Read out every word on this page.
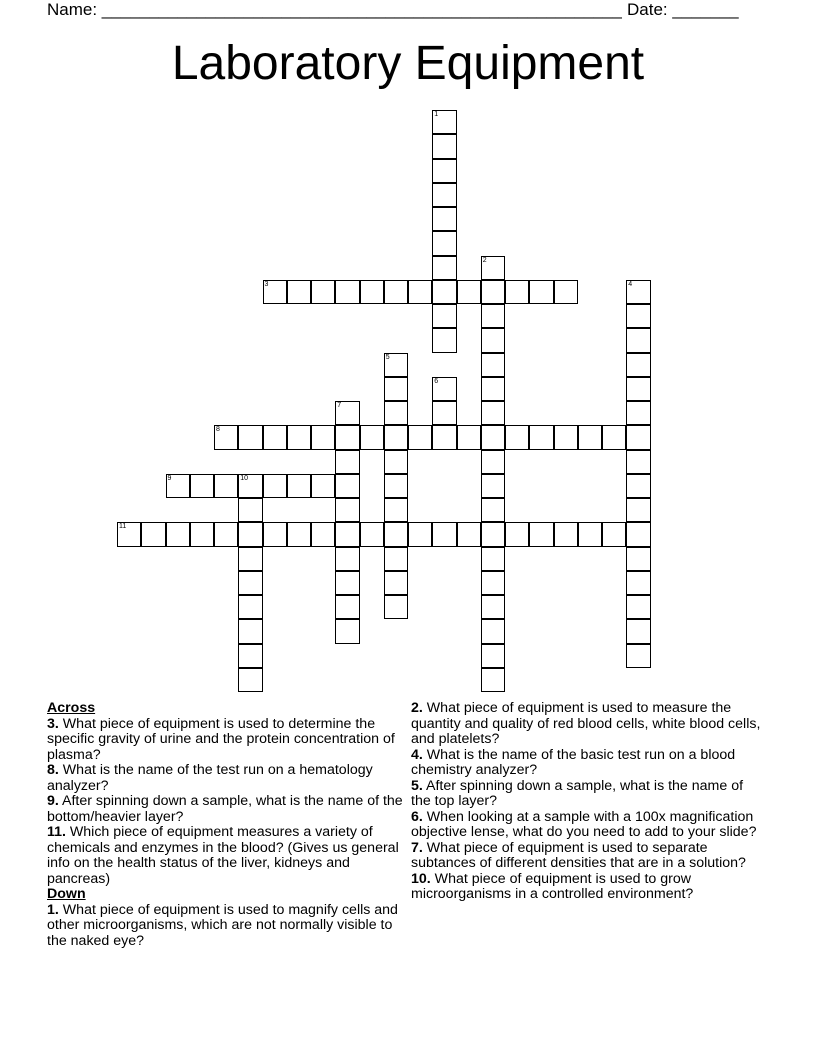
Name: _______________________________________________________ Date: _______
Laboratory Equipment
1
2
3	4
5
6
7
8
9	10
11
Across
3. What piece of equipment is used to determine the specific gravity of urine and the protein concentration of plasma?
8. What is the name of the test run on a hematology analyzer?
9. After spinning down a sample, what is the name of the bottom/heavier layer?
11. Which piece of equipment measures a variety of chemicals and enzymes in the blood? (Gives us general info on the health status of the liver, kidneys and pancreas)
Down
1. What piece of equipment is used to magnify cells and other microorganisms, which are not normally visible to the naked eye?
2. What piece of equipment is used to measure the quantity and quality of red blood cells, white blood cells, and platelets?
4. What is the name of the basic test run on a blood chemistry analyzer?
5. After spinning down a sample, what is the name of the top layer?
6. When looking at a sample with a 100x magnification objective lense, what do you need to add to your slide?
7. What piece of equipment is used to separate subtances of different densities that are in a solution?
10. What piece of equipment is used to grow microorganisms in a controlled environment?
